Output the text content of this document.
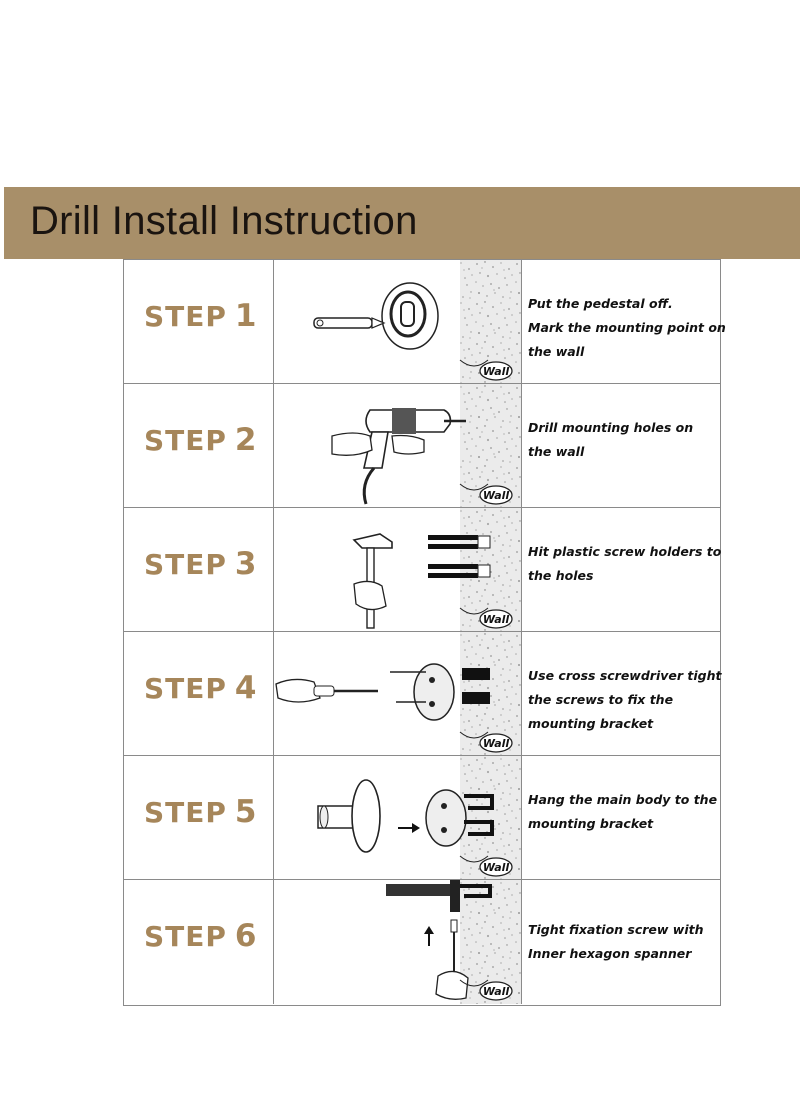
Drill Install Instruction
STEP 1
Wall
Put the pedestal off.
Mark the mounting point on
the wall
STEP 2
Wall
Drill mounting holes on
the wall
STEP 3
Wall
Hit plastic screw holders to
the holes
STEP 4
Wall
Use cross screwdriver tight
the screws to fix the
mounting bracket
STEP 5
Wall
Hang the main body to the
mounting bracket
STEP 6
Wall
Tight fixation screw with
Inner hexagon spanner
